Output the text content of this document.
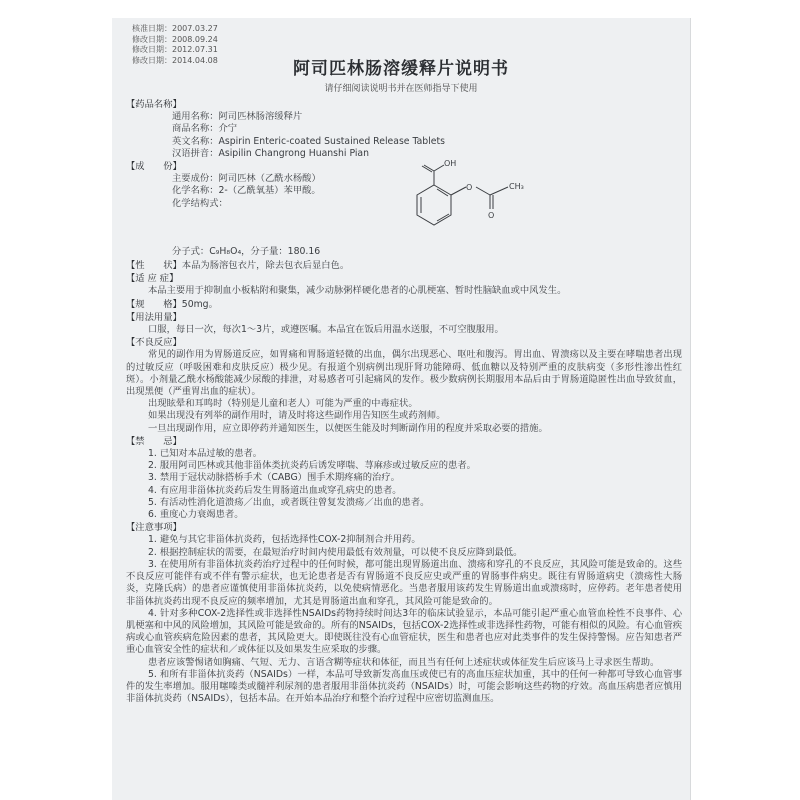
核准日期：2007.03.27
修改日期：2008.09.24
修改日期：2012.07.31
修改日期：2014.04.08	阿司匹林肠溶缓释片说明书
请仔细阅读说明书并在医师指导下使用
【药品名称】
通用名称：阿司匹林肠溶缓释片
商品名称：介宁
英文名称：Aspirin Enteric-coated Sustained Release Tablets
汉语拼音：Asipilin Changrong Huanshi Pian
【成　　份】
主要成份：阿司匹林（乙酰水杨酸）
化学名称：2-（乙酰氧基）苯甲酸。
化学结构式：
分子式：C₉H₈O₄，分子量：180.16
OH
O
O
CH₃
【性　　状】本品为肠溶包衣片，除去包衣后显白色。
【适 应 症】

本品主要用于抑制血小板粘附和聚集，减少动脉粥样硬化患者的心肌梗塞、暂时性脑缺血或中风发生。

【规　　格】50mg。
【用法用量】

口服，每日一次，每次1～3片，或遵医嘱。本品宜在饭后用温水送服，不可空腹服用。

【不良反应】

常见的副作用为胃肠道反应，如胃痛和胃肠道轻微的出血，偶尔出现恶心、呕吐和腹泻。胃出血、胃溃疡以及主要在哮喘患者出现的过敏反应（呼吸困难和皮肤反应）极少见。有报道个别病例出现肝肾功能障碍、低血糖以及特别严重的皮肤病变（多形性渗出性红斑）。小剂量乙酰水杨酸能减少尿酸的排泄，对易感者可引起痛风的发作。极少数病例长期服用本品后由于胃肠道隐匿性出血导致贫血，出现黑便（严重胃出血的症状）。

出现眩晕和耳鸣时（特别是儿童和老人）可能为严重的中毒症状。

如果出现没有列举的副作用时，请及时将这些副作用告知医生或药剂师。

一旦出现副作用，应立即停药并通知医生，以便医生能及时判断副作用的程度并采取必要的措施。

【禁　　忌】
1. 已知对本品过敏的患者。
2. 服用阿司匹林或其他非甾体类抗炎药后诱发哮喘、荨麻疹或过敏反应的患者。
3. 禁用于冠状动脉搭桥手术（CABG）围手术期疼痛的治疗。
4. 有应用非甾体抗炎药后发生胃肠道出血或穿孔病史的患者。
5. 有活动性消化道溃疡／出血，或者既往曾复发溃疡／出血的患者。
6. 重度心力衰竭患者。
【注意事项】

1. 避免与其它非甾体抗炎药，包括选择性COX-2抑制剂合并用药。

2. 根据控制症状的需要，在最短治疗时间内使用最低有效剂量，可以使不良反应降到最低。

3. 在使用所有非甾体抗炎药治疗过程中的任何时候，都可能出现胃肠道出血、溃疡和穿孔的不良反应，其风险可能是致命的。这些不良反应可能伴有或不伴有警示症状，也无论患者是否有胃肠道不良反应史或严重的胃肠事件病史。既往有胃肠道病史（溃疡性大肠炎，克隆氏病）的患者应谨慎使用非甾体抗炎药，以免使病情恶化。当患者服用该药发生胃肠道出血或溃疡时，应停药。老年患者使用非甾体抗炎药出现不良反应的频率增加，尤其是胃肠道出血和穿孔，其风险可能是致命的。

4. 针对多种COX-2选择性或非选择性NSAIDs药物持续时间达3年的临床试验显示，本品可能引起严重心血管血栓性不良事件、心肌梗塞和中风的风险增加，其风险可能是致命的。所有的NSAIDs，包括COX-2选择性或非选择性药物，可能有相似的风险。有心血管疾病或心血管疾病危险因素的患者，其风险更大。即使既往没有心血管症状，医生和患者也应对此类事件的发生保持警惕。应告知患者严重心血管安全性的症状和／或体征以及如果发生应采取的步骤。

患者应该警惕诸如胸痛、气短、无力、言语含糊等症状和体征，而且当有任何上述症状或体征发生后应该马上寻求医生帮助。

5. 和所有非甾体抗炎药（NSAIDs）一样，本品可导致新发高血压或使已有的高血压症状加重，其中的任何一种都可导致心血管事件的发生率增加。服用噻嗪类或髓袢利尿剂的患者服用非甾体抗炎药（NSAIDs）时，可能会影响这些药物的疗效。高血压病患者应慎用非甾体抗炎药（NSAIDs），包括本品。在开始本品治疗和整个治疗过程中应密切监测血压。
